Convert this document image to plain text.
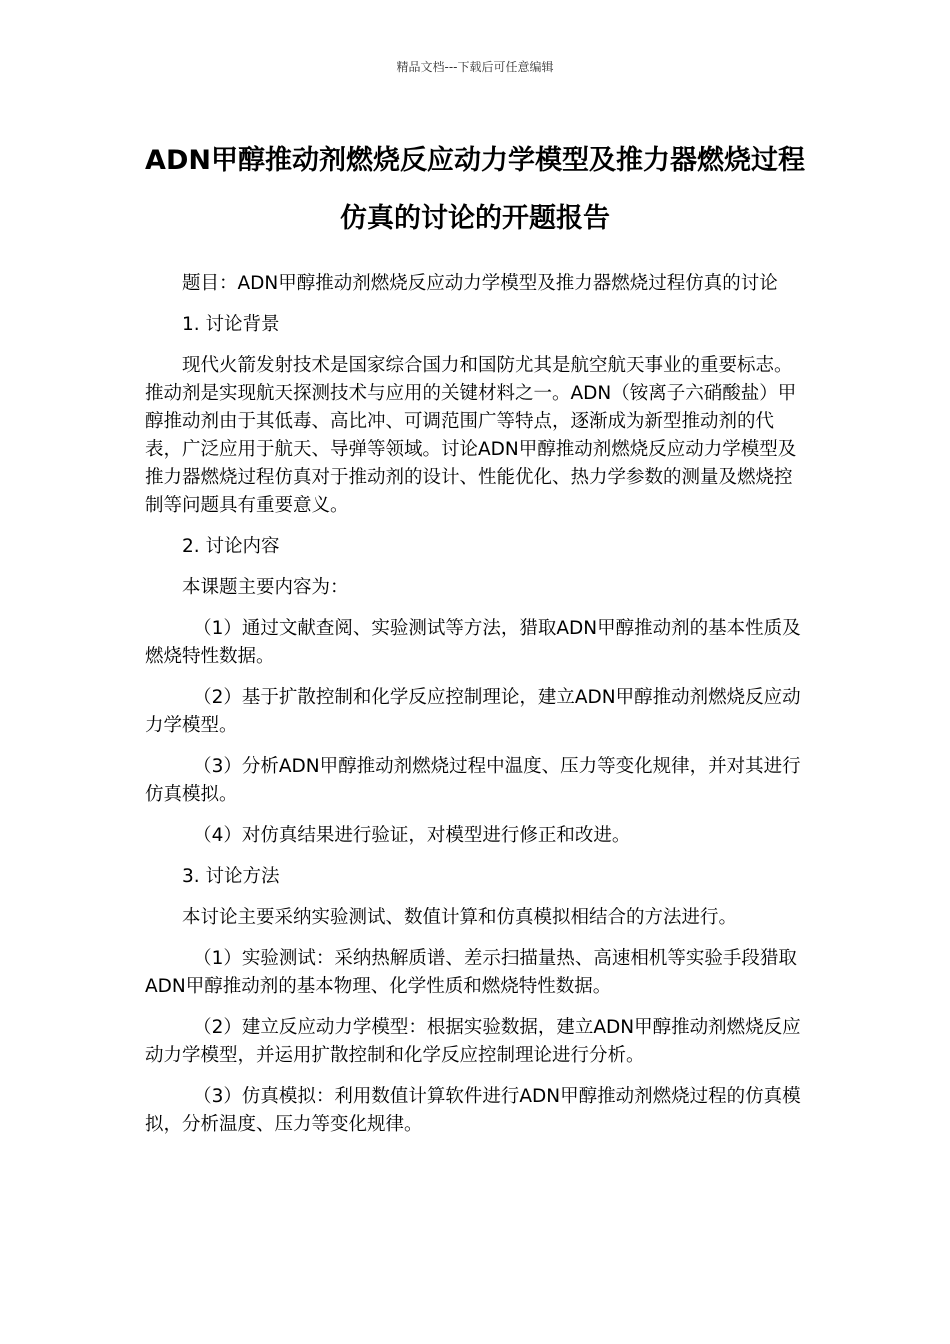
精品文档---下载后可任意编辑
ADN甲醇推动剂燃烧反应动力学模型及推力器燃烧过程仿真的讨论的开题报告

题目：ADN甲醇推动剂燃烧反应动力学模型及推力器燃烧过程仿真的讨论

1. 讨论背景

现代火箭发射技术是国家综合国力和国防尤其是航空航天事业的重要标志。推动剂是实现航天探测技术与应用的关键材料之一。ADN（铵离子六硝酸盐）甲醇推动剂由于其低毒、高比冲、可调范围广等特点，逐渐成为新型推动剂的代表，广泛应用于航天、导弹等领域。讨论ADN甲醇推动剂燃烧反应动力学模型及推力器燃烧过程仿真对于推动剂的设计、性能优化、热力学参数的测量及燃烧控制等问题具有重要意义。

2. 讨论内容

本课题主要内容为：

（1）通过文献查阅、实验测试等方法，猎取ADN甲醇推动剂的基本性质及燃烧特性数据。

（2）基于扩散控制和化学反应控制理论，建立ADN甲醇推动剂燃烧反应动力学模型。

（3）分析ADN甲醇推动剂燃烧过程中温度、压力等变化规律，并对其进行仿真模拟。

（4）对仿真结果进行验证，对模型进行修正和改进。

3. 讨论方法

本讨论主要采纳实验测试、数值计算和仿真模拟相结合的方法进行。

（1）实验测试：采纳热解质谱、差示扫描量热、高速相机等实验手段猎取ADN甲醇推动剂的基本物理、化学性质和燃烧特性数据。

（2）建立反应动力学模型：根据实验数据，建立ADN甲醇推动剂燃烧反应动力学模型，并运用扩散控制和化学反应控制理论进行分析。

（3）仿真模拟：利用数值计算软件进行ADN甲醇推动剂燃烧过程的仿真模拟，分析温度、压力等变化规律。
